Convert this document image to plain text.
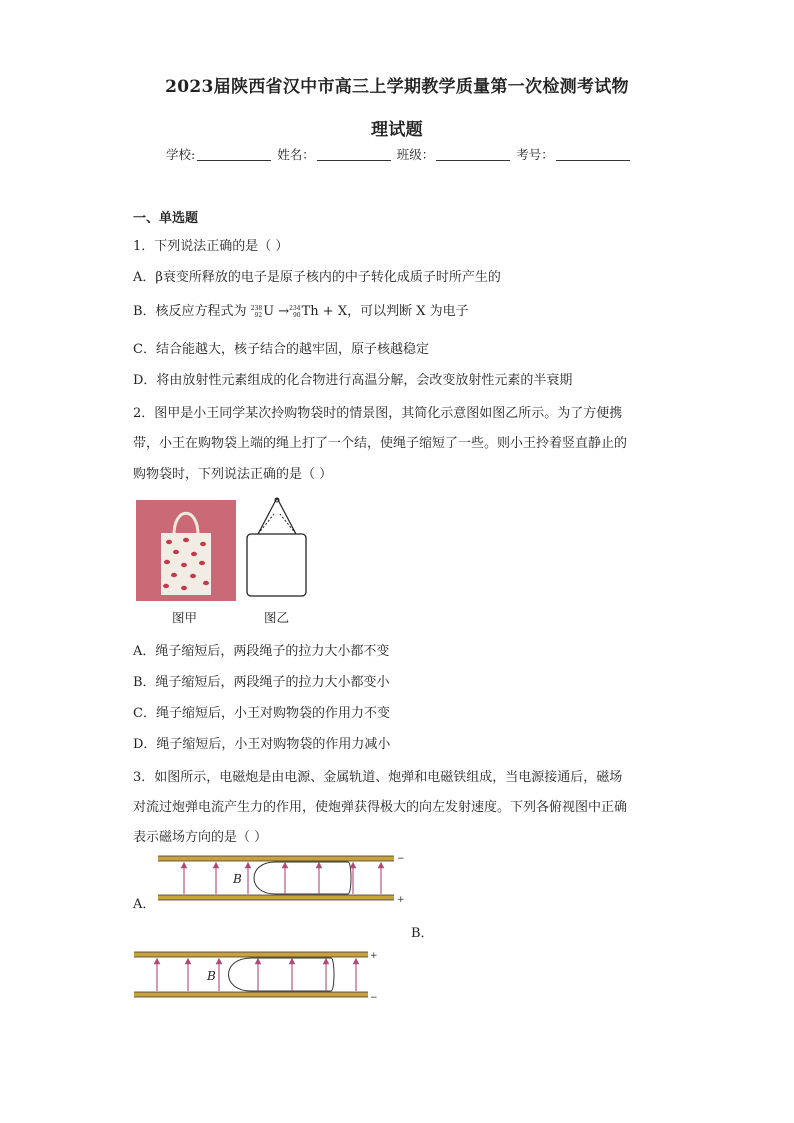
2023届陕西省汉中市高三上学期教学质量第一次检测考试物
理试题
学校:	姓名：	班级：	考号：
一、单选题
1．下列说法正确的是（ ）
A．β衰变所释放的电子是原子核内的中子转化成质子时所产生的
B．核反应方程式为 238
92U →234
90Th + X，可以判断 X 为电子
C．结合能越大，核子结合的越牢固，原子核越稳定
D．将由放射性元素组成的化合物进行高温分解，会改变放射性元素的半衰期
2．图甲是小王同学某次拎购物袋时的情景图，其简化示意图如图乙所示。为了方便携
带，小王在购物袋上端的绳上打了一个结，使绳子缩短了一些。则小王拎着竖直静止的
购物袋时，下列说法正确的是（ ）
图甲	图乙
A．绳子缩短后，两段绳子的拉力大小都不变
B．绳子缩短后，两段绳子的拉力大小都变小
C．绳子缩短后，小王对购物袋的作用力不变
D．绳子缩短后，小王对购物袋的作用力减小
3．如图所示，电磁炮是由电源、金属轨道、炮弹和电磁铁组成，当电源接通后，磁场
对流过炮弹电流产生力的作用，使炮弹获得极大的向左发射速度。下列各俯视图中正确
表示磁场方向的是（ ）
B
−
+
A．
B．
B
+
−
